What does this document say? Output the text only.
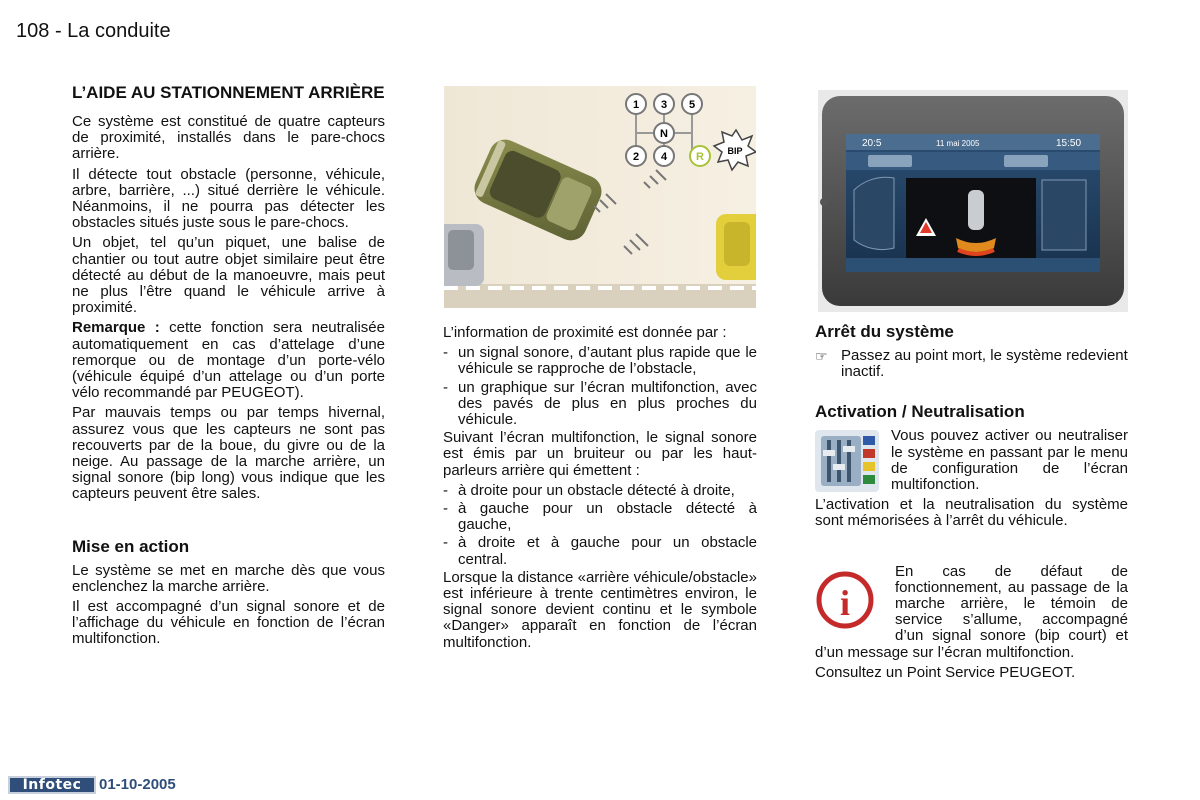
108 - La conduite
L’AIDE AU STATIONNEMENT ARRIÈRE

Ce système est constitué de quatre capteurs de proximité, installés dans le pare-chocs arrière.

Il détecte tout obstacle (personne, véhicule, arbre, barrière, ...) situé derrière le véhicule. Néanmoins, il ne pourra pas détecter les obstacles situés juste sous le pare-chocs.

Un objet, tel qu’un piquet, une balise de chantier ou tout autre objet similaire peut être détecté au début de la manoeuvre, mais peut ne plus l’être quand le véhicule arrive à proximité.

Remarque : cette fonction sera neutralisée automatiquement en cas d’attelage d’une remorque ou de montage d’un porte-vélo (véhicule équipé d’un attelage ou d’un porte vélo recommandé par PEUGEOT).

Par mauvais temps ou par temps hivernal, assurez vous que les capteurs ne sont pas recouverts par de la boue, du givre ou de la neige. Au passage de la marche arrière, un signal sonore (bip long) vous indique que les capteurs peuvent être sales.

Mise en action

Le système se met en marche dès que vous enclenchez la marche arrière.

Il est accompagné d’un signal sonore et de l’affichage du véhicule en fonction de l’écran multifonction.

1 3 5
N
2 4	R	BIP
20:5	11 mai 2005	15:50

L’information de proximité est donnée par :

- un signal sonore, d’autant plus rapide que le véhicule se rapproche de l’obstacle,
- un graphique sur l’écran multifonction, avec des pavés de plus en plus proches du véhicule.

Suivant l’écran multifonction, le signal sonore est émis par un bruiteur ou par les haut-parleurs arrière qui émettent :

- à droite pour un obstacle détecté à droite,
- à gauche pour un obstacle détecté à gauche,
- à droite et à gauche pour un obstacle central.

Lorsque la distance «arrière véhicule/obstacle» est inférieure à trente centimètres environ, le signal sonore devient continu et le symbole «Danger» apparaît en fonction de l’écran multifonction.

Arrêt du système
☞ Passez au point mort, le système redevient inactif.
Activation / Neutralisation

Vous pouvez activer ou neutraliser le système en passant par le menu de configuration de l’écran multifonction.

L’activation et la neutralisation du système sont mémorisées à l’arrêt du véhicule.

i
En cas de défaut de fonctionnement, au passage de la marche arrière, le témoin de service s’allume, accompagné d’un signal sonore (bip court) et d’un message sur l’écran multifonction.

Consultez un Point Service PEUGEOT.

Infotec	01-10-2005
